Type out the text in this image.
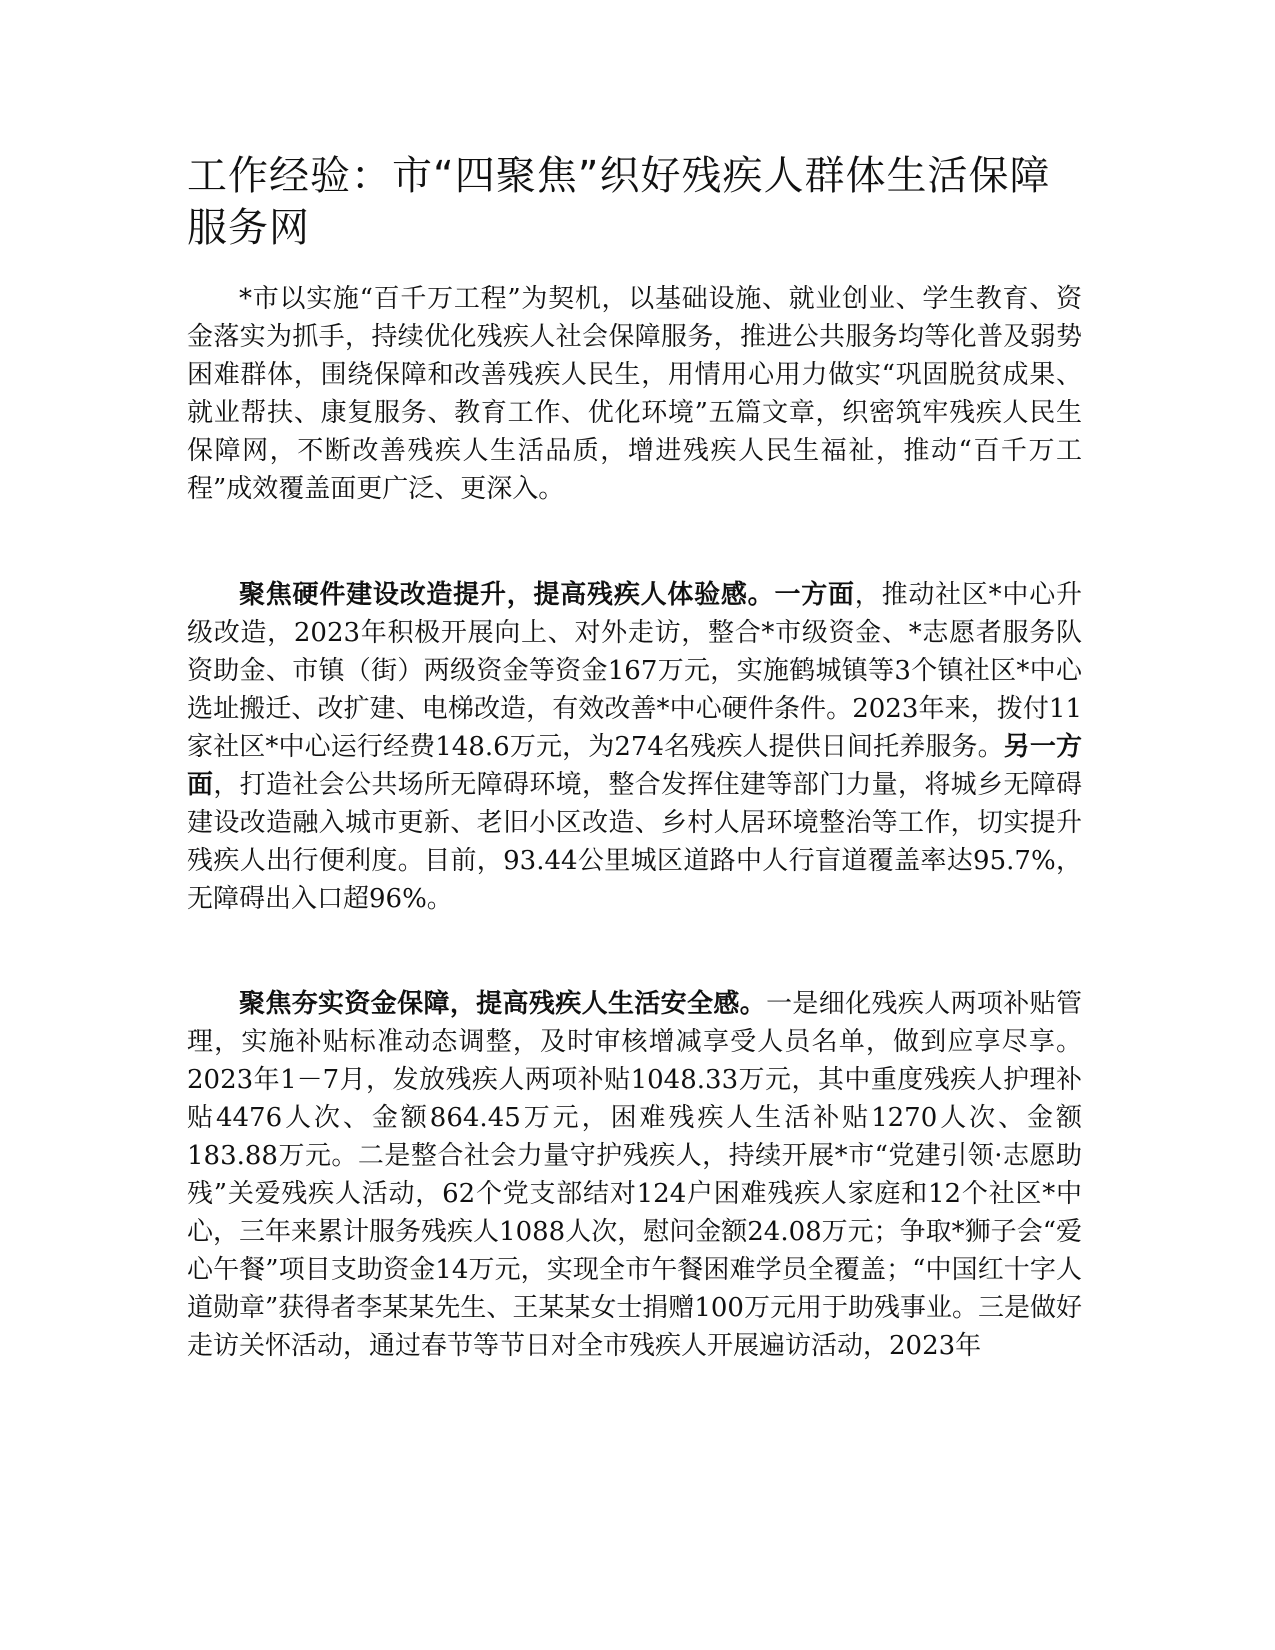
工作经验：市“四聚焦”织好残疾人群体生活保障服务网

*市以实施“百千万工程”为契机，以基础设施、就业创业、学生教育、资金落实为抓手，持续优化残疾人社会保障服务，推进公共服务均等化普及弱势困难群体，围绕保障和改善残疾人民生，用情用心用力做实“巩固脱贫成果、就业帮扶、康复服务、教育工作、优化环境”五篇文章，织密筑牢残疾人民生保障网，不断改善残疾人生活品质，增进残疾人民生福祉，推动“百千万工程”成效覆盖面更广泛、更深入。

聚焦硬件建设改造提升，提高残疾人体验感。一方面，推动社区*中心升级改造，2023年积极开展向上、对外走访，整合*市级资金、*志愿者服务队资助金、市镇（街）两级资金等资金167万元，实施鹤城镇等3个镇社区*中心选址搬迁、改扩建、电梯改造，有效改善*中心硬件条件。2023年来，拨付11家社区*中心运行经费148.6万元，为274名残疾人提供日间托养服务。另一方面，打造社会公共场所无障碍环境，整合发挥住建等部门力量，将城乡无障碍建设改造融入城市更新、老旧小区改造、乡村人居环境整治等工作，切实提升残疾人出行便利度。目前，93.44公里城区道路中人行盲道覆盖率达95.7%，无障碍出入口超96%。

聚焦夯实资金保障，提高残疾人生活安全感。一是细化残疾人两项补贴管理，实施补贴标准动态调整，及时审核增减享受人员名单，做到应享尽享。2023年1－7月，发放残疾人两项补贴1048.33万元，其中重度残疾人护理补贴4476人次、金额864.45万元，困难残疾人生活补贴1270人次、金额183.88万元。二是整合社会力量守护残疾人，持续开展*市“党建引领·志愿助残”关爱残疾人活动，62个党支部结对124户困难残疾人家庭和12个社区*中心，三年来累计服务残疾人1088人次，慰问金额24.08万元；争取*狮子会“爱心午餐”项目支助资金14万元，实现全市午餐困难学员全覆盖；“中国红十字人道勋章”获得者李某某先生、王某某女士捐赠100万元用于助残事业。三是做好走访关怀活动，通过春节等节日对全市残疾人开展遍访活动，2023年
